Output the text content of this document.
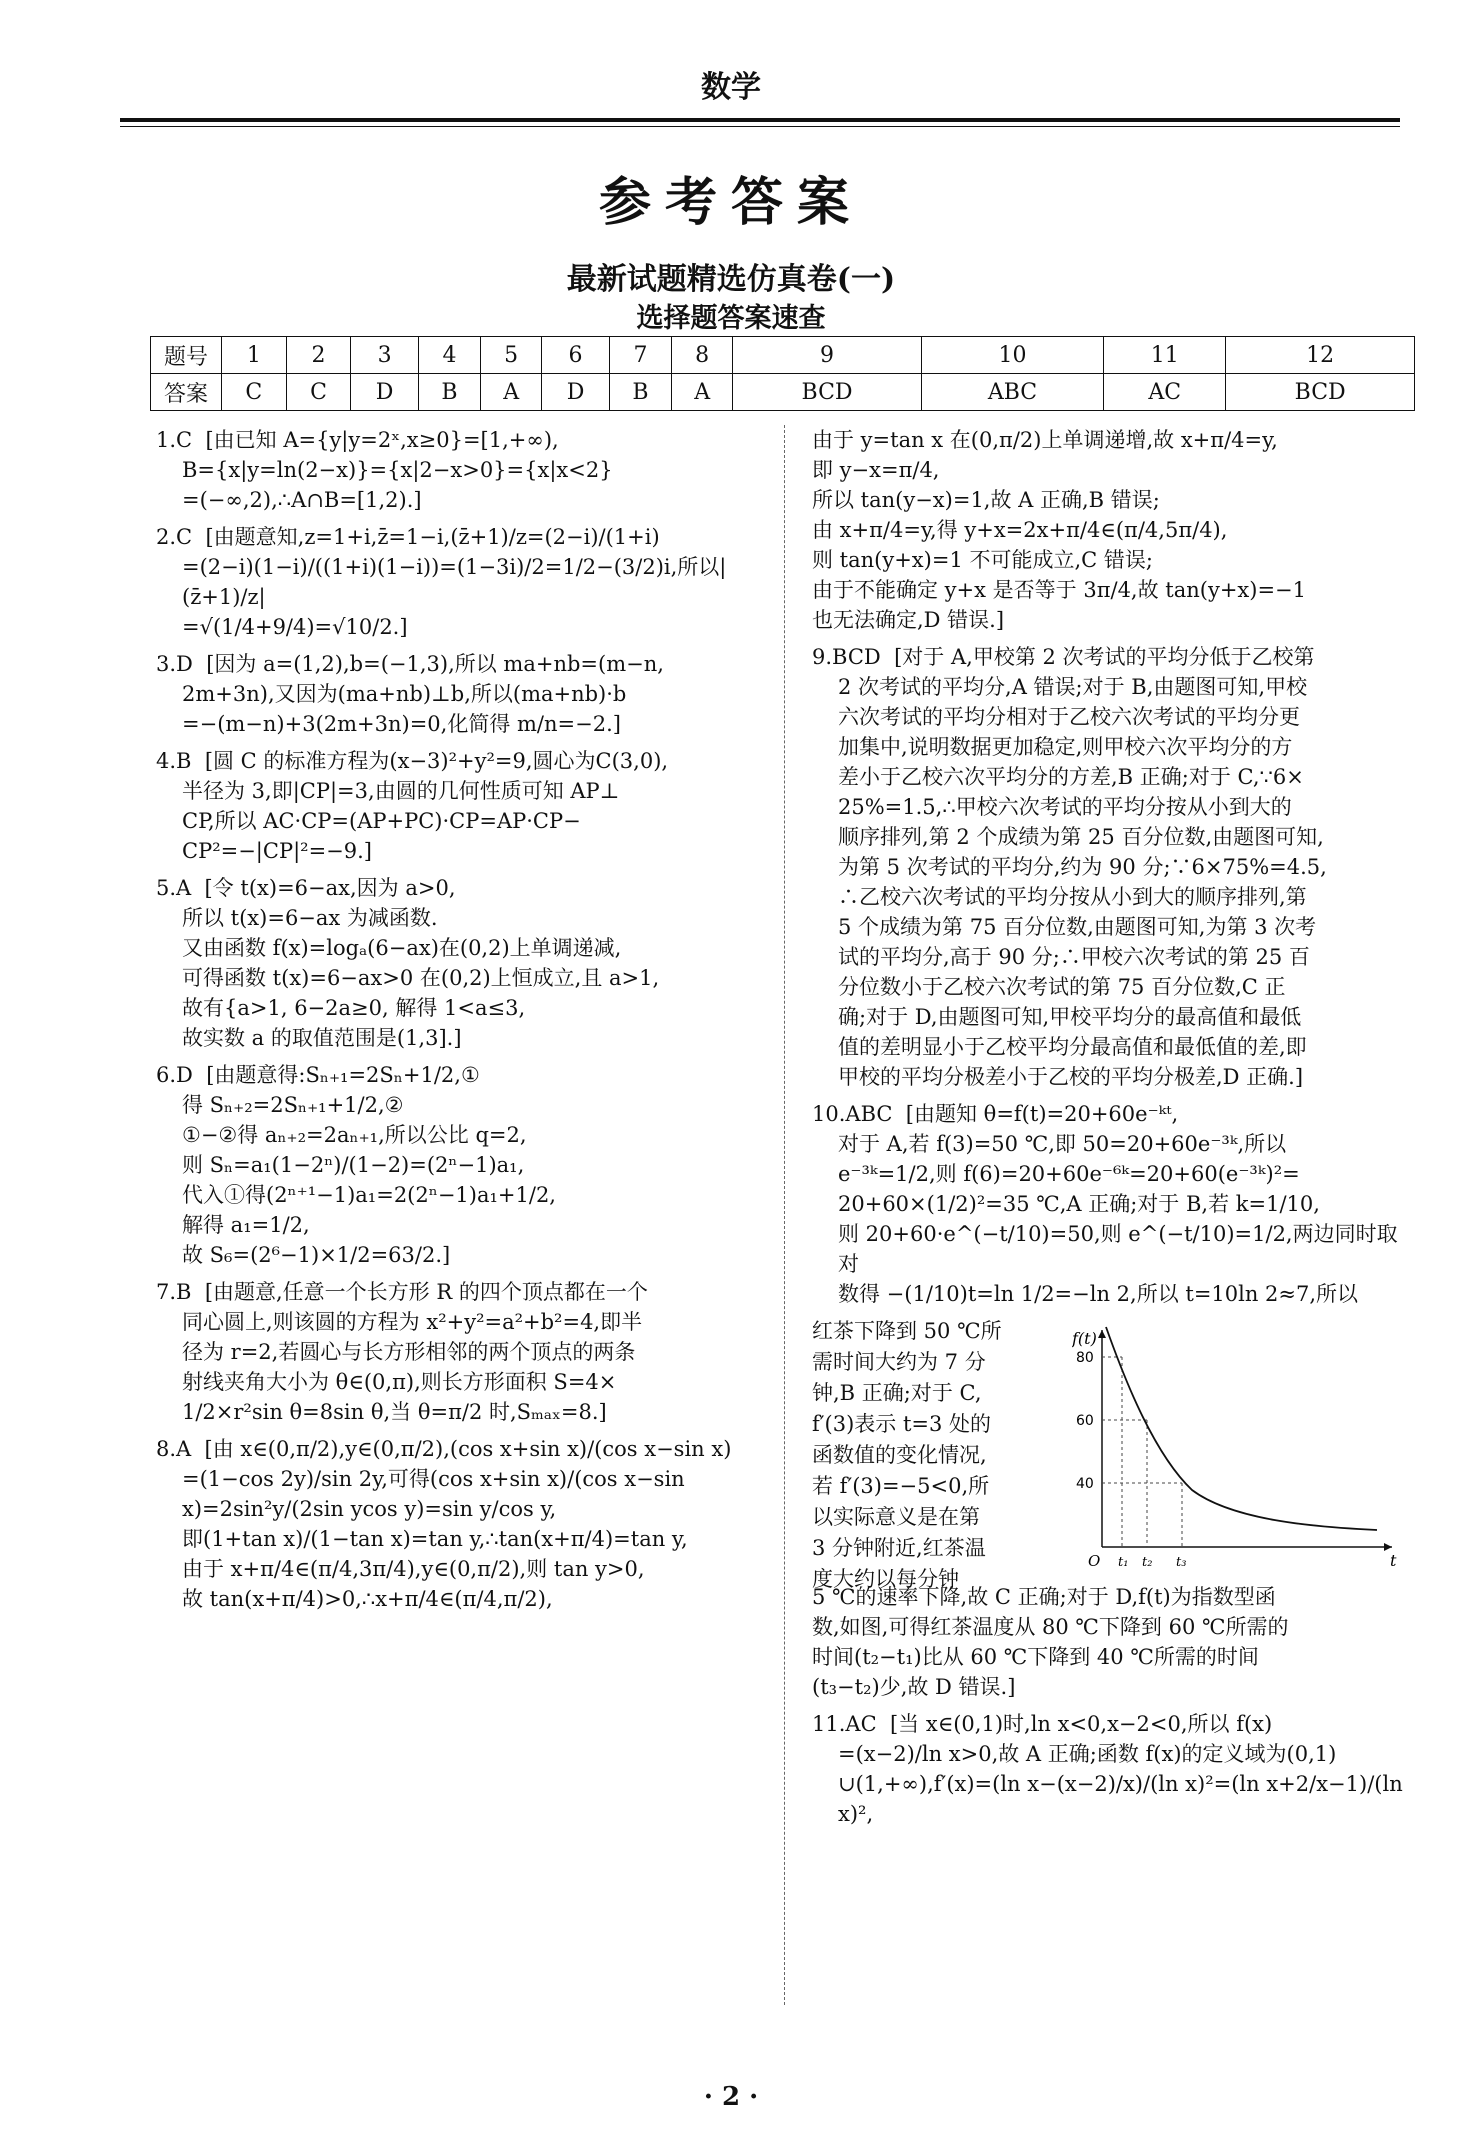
数学
参考答案
最新试题精选仿真卷(一)
选择题答案速查
题号	1	2	3	4	5	6	7	8	9	10	11	12
答案	C	C	D	B	A	D	B	A	BCD	ABC	AC	BCD

1.C  [由已知 A={y|y=2ˣ,x≥0}=[1,+∞),
B={x|y=ln(2−x)}={x|2−x>0}={x|x<2}
=(−∞,2),∴A∩B=[1,2).]

2.C  [由题意知,z=1+i,z̄=1−i,(z̄+1)/z=(2−i)/(1+i)
=(2−i)(1−i)/((1+i)(1−i))=(1−3i)/2=1/2−(3/2)i,所以|(z̄+1)/z|
=√(1/4+9/4)=√10/2.]

3.D  [因为 a=(1,2),b=(−1,3),所以 ma+nb=(m−n,
2m+3n),又因为(ma+nb)⊥b,所以(ma+nb)·b
=−(m−n)+3(2m+3n)=0,化简得 m/n=−2.]

4.B  [圆 C 的标准方程为(x−3)²+y²=9,圆心为C(3,0),
半径为 3,即|CP|=3,由圆的几何性质可知 AP⊥
CP,所以 AC·CP=(AP+PC)·CP=AP·CP−
CP²=−|CP|²=−9.]

5.A  [令 t(x)=6−ax,因为 a>0,
所以 t(x)=6−ax 为减函数.
又由函数 f(x)=logₐ(6−ax)在(0,2)上单调递减,
可得函数 t(x)=6−ax>0 在(0,2)上恒成立,且 a>1,
故有{a>1, 6−2a≥0, 解得 1<a≤3,
故实数 a 的取值范围是(1,3].]

6.D  [由题意得:Sₙ₊₁=2Sₙ+1/2,①
得 Sₙ₊₂=2Sₙ₊₁+1/2,②
①−②得 aₙ₊₂=2aₙ₊₁,所以公比 q=2,
则 Sₙ=a₁(1−2ⁿ)/(1−2)=(2ⁿ−1)a₁,
代入①得(2ⁿ⁺¹−1)a₁=2(2ⁿ−1)a₁+1/2,
解得 a₁=1/2,
故 S₆=(2⁶−1)×1/2=63/2.]

7.B  [由题意,任意一个长方形 R 的四个顶点都在一个
同心圆上,则该圆的方程为 x²+y²=a²+b²=4,即半
径为 r=2,若圆心与长方形相邻的两个顶点的两条
射线夹角大小为 θ∈(0,π),则长方形面积 S=4×
1/2×r²sin θ=8sin θ,当 θ=π/2 时,Sₘₐₓ=8.]

8.A  [由 x∈(0,π/2),y∈(0,π/2),(cos x+sin x)/(cos x−sin x)
=(1−cos 2y)/sin 2y,可得(cos x+sin x)/(cos x−sin x)=2sin²y/(2sin ycos y)=sin y/cos y,
即(1+tan x)/(1−tan x)=tan y,∴tan(x+π/4)=tan y,
由于 x+π/4∈(π/4,3π/4),y∈(0,π/2),则 tan y>0,
故 tan(x+π/4)>0,∴x+π/4∈(π/4,π/2),

由于 y=tan x 在(0,π/2)上单调递增,故 x+π/4=y,
即 y−x=π/4,
所以 tan(y−x)=1,故 A 正确,B 错误;
由 x+π/4=y,得 y+x=2x+π/4∈(π/4,5π/4),
则 tan(y+x)=1 不可能成立,C 错误;
由于不能确定 y+x 是否等于 3π/4,故 tan(y+x)=−1
也无法确定,D 错误.]

9.BCD  [对于 A,甲校第 2 次考试的平均分低于乙校第
2 次考试的平均分,A 错误;对于 B,由题图可知,甲校
六次考试的平均分相对于乙校六次考试的平均分更
加集中,说明数据更加稳定,则甲校六次平均分的方
差小于乙校六次平均分的方差,B 正确;对于 C,∵6×
25%=1.5,∴甲校六次考试的平均分按从小到大的
顺序排列,第 2 个成绩为第 25 百分位数,由题图可知,
为第 5 次考试的平均分,约为 90 分;∵6×75%=4.5,
∴乙校六次考试的平均分按从小到大的顺序排列,第
5 个成绩为第 75 百分位数,由题图可知,为第 3 次考
试的平均分,高于 90 分;∴甲校六次考试的第 25 百
分位数小于乙校六次考试的第 75 百分位数,C 正
确;对于 D,由题图可知,甲校平均分的最高值和最低
值的差明显小于乙校平均分最高值和最低值的差,即
甲校的平均分极差小于乙校的平均分极差,D 正确.]

10.ABC  [由题知 θ=f(t)=20+60e⁻ᵏᵗ,
对于 A,若 f(3)=50 ℃,即 50=20+60e⁻³ᵏ,所以
e⁻³ᵏ=1/2,则 f(6)=20+60e⁻⁶ᵏ=20+60(e⁻³ᵏ)²=
20+60×(1/2)²=35 ℃,A 正确;对于 B,若 k=1/10,
则 20+60·e^(−t/10)=50,则 e^(−t/10)=1/2,两边同时取对
数得 −(1/10)t=ln 1/2=−ln 2,所以 t=10ln 2≈7,所以

红茶下降到 50 ℃所
需时间大约为 7 分
钟,B 正确;对于 C,
f′(3)表示 t=3 处的
函数值的变化情况,
若 f′(3)=−5<0,所
以实际意义是在第
3 分钟附近,红茶温
度大约以每分钟
f(t)
t
O
80
60
40
t₁ t₂ t₃

5 ℃的速率下降,故 C 正确;对于 D,f(t)为指数型函
数,如图,可得红茶温度从 80 ℃下降到 60 ℃所需的
时间(t₂−t₁)比从 60 ℃下降到 40 ℃所需的时间
(t₃−t₂)少,故 D 错误.]

11.AC  [当 x∈(0,1)时,ln x<0,x−2<0,所以 f(x)
=(x−2)/ln x>0,故 A 正确;函数 f(x)的定义域为(0,1)
∪(1,+∞),f′(x)=(ln x−(x−2)/x)/(ln x)²=(ln x+2/x−1)/(ln x)²,

· 2 ·
